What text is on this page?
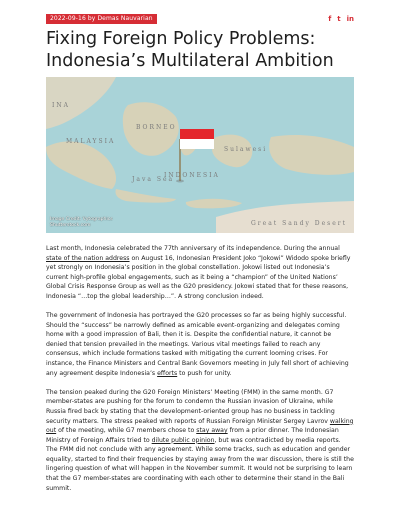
2022-09-16 by Demas Nauvarian	f t in
Fixing Foreign Policy Problems:
Indonesia’s Multilateral Ambition
INA
INDONESIA
MALAYSIA
BORNEO
Great Sandy Desert
Sulawesi
Java Sea
Image Credit: Vytographics
Shutterstock.com

Last month, Indonesia celebrated the 77th anniversary of its independence. During the annual state of the nation address on August 16, Indonesian President Joko “Jokowi” Widodo spoke briefly yet strongly on Indonesia’s position in the global constellation. Jokowi listed out Indonesia’s current high-profile global engagements, such as it being a “champion” of the United Nations’ Global Crisis Response Group as well as the G20 presidency. Jokowi stated that for these reasons, Indonesia “…top the global leadership…”. A strong conclusion indeed.

The government of Indonesia has portrayed the G20 processes so far as being highly successful. Should the “success” be narrowly defined as amicable event-organizing and delegates coming home with a good impression of Bali, then it is. Despite the confidential nature, it cannot be denied that tension prevailed in the meetings. Various vital meetings failed to reach any consensus, which include formations tasked with mitigating the current looming crises. For instance, the Finance Ministers and Central Bank Governors meeting in July fell short of achieving any agreement despite Indonesia’s efforts to push for unity.

The tension peaked during the G20 Foreign Ministers’ Meeting (FMM) in the same month. G7 member-states are pushing for the forum to condemn the Russian invasion of Ukraine, while Russia fired back by stating that the development-oriented group has no business in tackling security matters. The stress peaked with reports of Russian Foreign Minister Sergey Lavrov walking out of the meeting, while G7 members chose to stay away from a prior dinner. The Indonesian Ministry of Foreign Affairs tried to dilute public opinion, but was contradicted by media reports. The FMM did not conclude with any agreement. While some tracks, such as education and gender equality, started to find their frequencies by staying away from the war discussion, there is still the lingering question of what will happen in the November summit. It would not be surprising to learn that the G7 member-states are coordinating with each other to determine their stand in the Bali summit.
